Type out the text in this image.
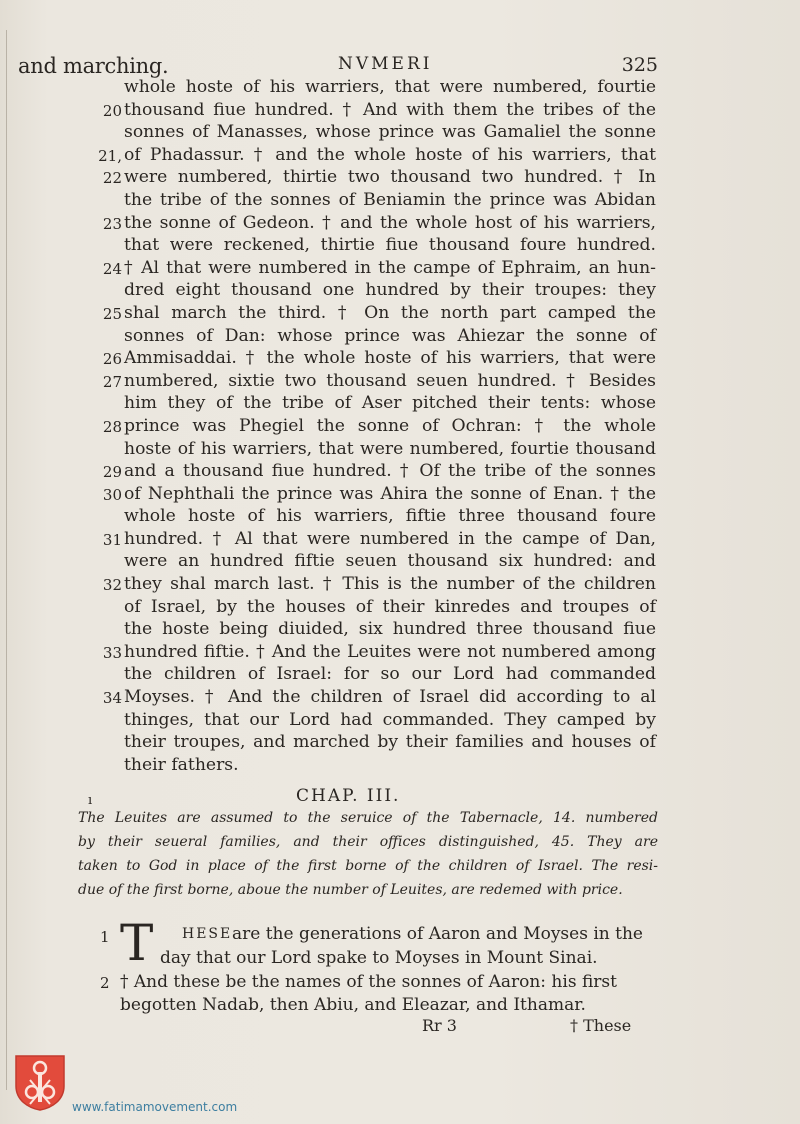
and marching.	NVMERI	325
whole hoste of his warriers, that were numbered, fourtie
20 thousand fiue hundred. † And with them the tribes of the
sonnes of Manasses, whose prince was Gamaliel the sonne
21, of Phadassur. † and the whole hoste of his warriers, that
22 were numbered, thirtie two thousand two hundred. † In
the tribe of the sonnes of Beniamin the prince was Abidan
23 the sonne of Gedeon. † and the whole host of his warriers,
that were reckened, thirtie fiue thousand foure hundred.
24 † Al that were numbered in the campe of Ephraim, an hun-
dred eight thousand one hundred by their troupes: they
25 shal march the third. † On the north part camped the
sonnes of Dan: whose prince was Ahiezar the sonne of
26 Ammisaddai. † the whole hoste of his warriers, that were
27 numbered, sixtie two thousand seuen hundred. † Besides
him they of the tribe of Aser pitched their tents: whose
28 prince was Phegiel the sonne of Ochran: † the whole
hoste of his warriers, that were numbered, fourtie thousand
29 and a thousand fiue hundred. † Of the tribe of the sonnes
30 of Nephthali the prince was Ahira the sonne of Enan. † the
whole hoste of his warriers, fiftie three thousand foure
31 hundred. † Al that were numbered in the campe of Dan,
were an hundred fiftie seuen thousand six hundred: and
32 they shal march last. † This is the number of the children
of Israel, by the houses of their kinredes and troupes of
the hoste being diuided, six hundred three thousand fiue
33 hundred fiftie. † And the Leuites were not numbered among
the children of Israel: for so our Lord had commanded
34 Moyses. † And the children of Israel did according to al
thinges, that our Lord had commanded. They camped by
their troupes, and marched by their families and houses of
their fathers.
ı	CHAP. III.
The Leuites are assumed to the seruice of the Tabernacle, 14. numbered
by their seueral families, and their offices distinguished, 45. They are
taken to God in place of the first borne of the children of Israel. The resi-
due of the first borne, aboue the number of Leuites, are redemed with price.
1 T HESE are the generations of Aaron and Moyses in the
day that our Lord spake to Moyses in Mount Sinai.
2 † And these be the names of the sonnes of Aaron: his first
begotten Nadab, then Abiu, and Eleazar, and Ithamar.
Rr 3	† These
www.fatimamovement.com
